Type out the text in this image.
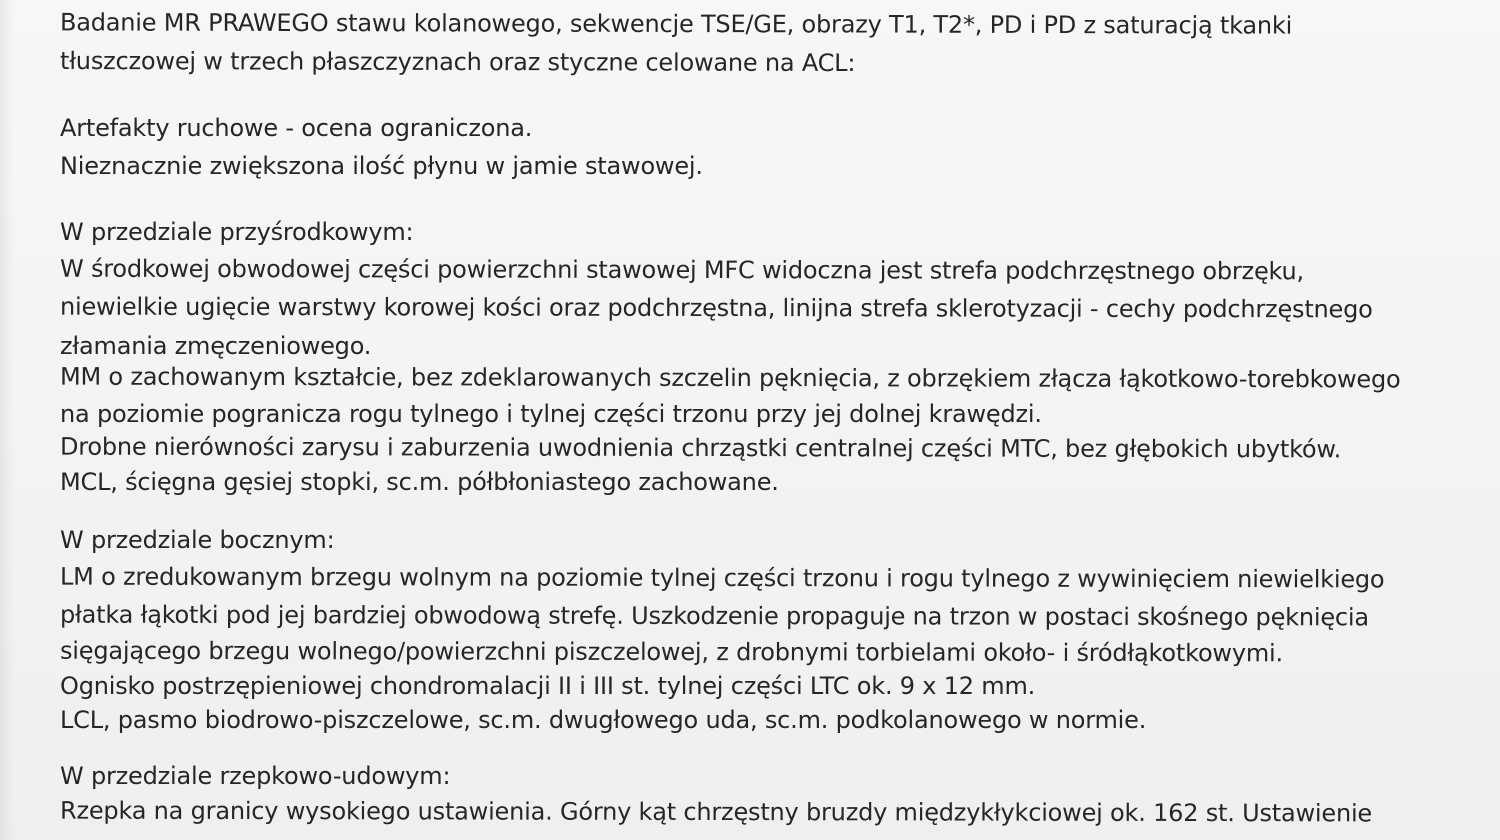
Badanie MR PRAWEGO stawu kolanowego, sekwencje TSE/GE, obrazy T1, T2*, PD i PD z saturacją tkanki
tłuszczowej w trzech płaszczyznach oraz styczne celowane na ACL:
Artefakty ruchowe - ocena ograniczona.
Nieznacznie zwiększona ilość płynu w jamie stawowej.
W przedziale przyśrodkowym:
W środkowej obwodowej części powierzchni stawowej MFC widoczna jest strefa podchrzęstnego obrzęku,
niewielkie ugięcie warstwy korowej kości oraz podchrzęstna, linijna strefa sklerotyzacji - cechy podchrzęstnego
złamania zmęczeniowego.
MM o zachowanym kształcie, bez zdeklarowanych szczelin pęknięcia, z obrzękiem złącza łąkotkowo-torebkowego
na poziomie pogranicza rogu tylnego i tylnej części trzonu przy jej dolnej krawędzi.
Drobne nierówności zarysu i zaburzenia uwodnienia chrząstki centralnej części MTC, bez głębokich ubytków.
MCL, ścięgna gęsiej stopki, sc.m. półbłoniastego zachowane.
W przedziale bocznym:
LM o zredukowanym brzegu wolnym na poziomie tylnej części trzonu i rogu tylnego z wywinięciem niewielkiego
płatka łąkotki pod jej bardziej obwodową strefę. Uszkodzenie propaguje na trzon w postaci skośnego pęknięcia
sięgającego brzegu wolnego/powierzchni piszczelowej, z drobnymi torbielami około- i śródłąkotkowymi.
Ognisko postrzępieniowej chondromalacji II i III st. tylnej części LTC ok. 9 x 12 mm.
LCL, pasmo biodrowo-piszczelowe, sc.m. dwugłowego uda, sc.m. podkolanowego w normie.
W przedziale rzepkowo-udowym:
Rzepka na granicy wysokiego ustawienia. Górny kąt chrzęstny bruzdy międzykłykciowej ok. 162 st. Ustawienie
